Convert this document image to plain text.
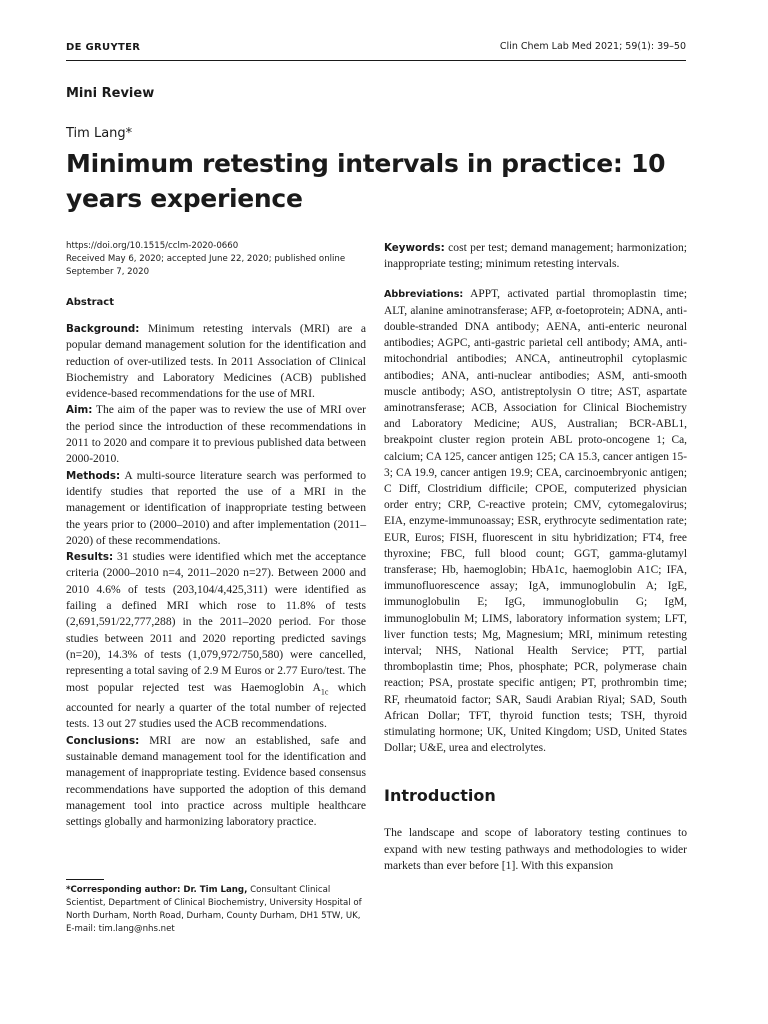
DE GRUYTER	Clin Chem Lab Med 2021; 59(1): 39–50
Mini Review
Tim Lang*
Minimum retesting intervals in practice: 10 years experience

https://doi.org/10.1515/cclm-2020-0660

Received May 6, 2020; accepted June 22, 2020; published online September 7, 2020

Abstract

Background: Minimum retesting intervals (MRI) are a popular demand management solution for the identification and reduction of over-utilized tests. In 2011 Association of Clinical Biochemistry and Laboratory Medicines (ACB) published evidence-based recommendations for the use of MRI.
Aim: The aim of the paper was to review the use of MRI over the period since the introduction of these recommendations in 2011 to 2020 and compare it to previous published data between 2000-2010.
Methods: A multi-source literature search was performed to identify studies that reported the use of a MRI in the management or identification of inappropriate testing between the years prior to (2000–2010) and after implementation (2011–2020) of these recommendations.
Results: 31 studies were identified which met the acceptance criteria (2000–2010 n=4, 2011–2020 n=27). Between 2000 and 2010 4.6% of tests (203,104/4,425,311) were identified as failing a defined MRI which rose to 11.8% of tests (2,691,591/22,777,288) in the 2011–2020 period. For those studies between 2011 and 2020 reporting predicted savings (n=20), 14.3% of tests (1,079,972/750,580) were cancelled, representing a total saving of 2.9 M Euros or 2.77 Euro/test. The most popular rejected test was Haemoglobin $A_{1c}$ which accounted for nearly a quarter of the total number of rejected tests. 13 out 27 studies used the ACB recommendations.
Conclusions: MRI are now an established, safe and sustainable demand management tool for the identification and management of inappropriate testing. Evidence based consensus recommendations have supported the adoption of this demand management tool into practice across multiple healthcare settings globally and harmonizing laboratory practice.

*Corresponding author: Dr. Tim Lang, Consultant Clinical Scientist, Department of Clinical Biochemistry, University Hospital of North Durham, North Road, Durham, County Durham, DH1 5TW, UK,
E-mail: tim.lang@nhs.net

Keywords: cost per test; demand management; harmonization; inappropriate testing; minimum retesting intervals.

Abbreviations: APPT, activated partial thromoplastin time; ALT, alanine aminotransferase; AFP, α-foetoprotein; ADNA, anti-double-stranded DNA antibody; AENA, anti-enteric neuronal antibodies; AGPC, anti-gastric parietal cell antibody; AMA, anti-mitochondrial antibodies; ANCA, antineutrophil cytoplasmic antibodies; ANA, anti-nuclear antibodies; ASM, anti-smooth muscle antibody; ASO, antistreptolysin O titre; AST, aspartate aminotransferase; ACB, Association for Clinical Biochemistry and Laboratory Medicine; AUS, Australian; BCR-ABL1, breakpoint cluster region protein ABL proto-oncogene 1; Ca, calcium; CA 125, cancer antigen 125; CA 15.3, cancer antigen 15-3; CA 19.9, cancer antigen 19.9; CEA, carcinoembryonic antigen; C Diff, Clostridium difficile; CPOE, computerized physician order entry; CRP, C-reactive protein; CMV, cytomegalovirus; EIA, enzyme-immunoassay; ESR, erythrocyte sedimentation rate; EUR, Euros; FISH, fluorescent in situ hybridization; FT4, free thyroxine; FBC, full blood count; GGT, gamma-glutamyl transferase; Hb, haemoglobin; HbA1c, haemoglobin A1C; IFA, immunofluorescence assay; IgA, immunoglobulin A; IgE, immunoglobulin E; IgG, immunoglobulin G; IgM, immunoglobulin M; LIMS, laboratory information system; LFT, liver function tests; Mg, Magnesium; MRI, minimum retesting interval; NHS, National Health Service; PTT, partial thromboplastin time; Phos, phosphate; PCR, polymerase chain reaction; PSA, prostate specific antigen; PT, prothrombin time; RF, rheumatoid factor; SAR, Saudi Arabian Riyal; SAD, South African Dollar; TFT, thyroid function tests; TSH, thyroid stimulating hormone; UK, United Kingdom; USD, United States Dollar; U&E, urea and electrolytes.

Introduction

The landscape and scope of laboratory testing continues to expand with new testing pathways and methodologies to wider markets than ever before [1]. With this expansion
